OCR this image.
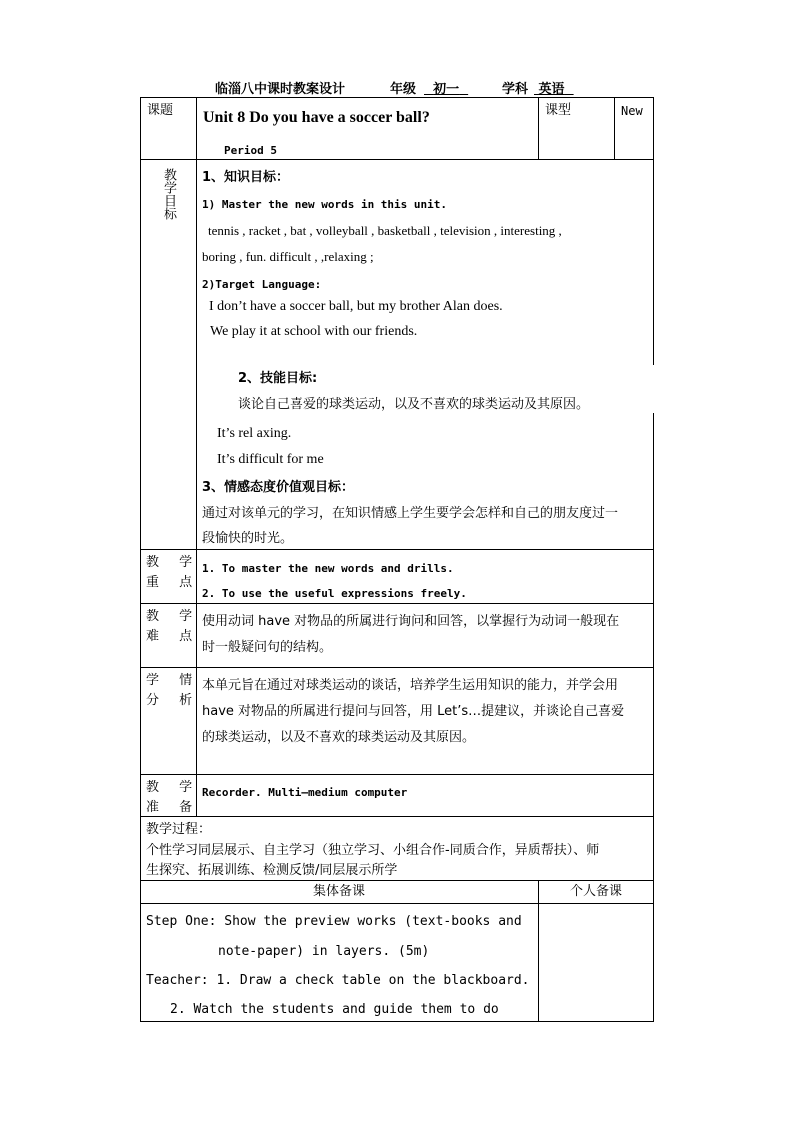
临淄八中课时教案设计	年级	初一	学科 英语
课题 Unit 8 Do you have a soccer ball?
Period 5
课型	New
教学目标 1、知识目标：
1) Master the new words in this unit.
tennis , racket , bat , volleyball , basketball , television , interesting ,
boring , fun. difficult , ,relaxing ;
2)Target Language:
I don’t have a soccer ball, but my brother Alan does.
We play it at school with our friends.
2、技能目标:
谈论自己喜爱的球类运动，以及不喜欢的球类运动及其原因。
It’s rel axing.
It’s difficult for me
3、情感态度价值观目标：
通过对该单元的学习，在知识情感上学生要学会怎样和自己的朋友度过一
段愉快的时光。
教 学
重 点
1. To master the new words and drills.
2. To use the useful expressions freely.
教 学
难 点
使用动词 have 对物品的所属进行询问和回答，以掌握行为动词一般现在
时一般疑问句的结构。
学 情
分 析
本单元旨在通过对球类运动的谈话，培养学生运用知识的能力，并学会用
have 对物品的所属进行提问与回答，用 Let’s…提建议，并谈论自己喜爱
的球类运动，以及不喜欢的球类运动及其原因。
教 学
准 备
Recorder. Multi—medium computer
教学过程：
个性学习同层展示、自主学习（独立学习、小组合作-同质合作，异质帮扶）、师
生探究、拓展训练、检测反馈/同层展示所学
集体备课	个人备课
Step One: Show the preview works (text-books and
note-paper) in layers. (5m)
Teacher: 1. Draw a check table on the blackboard.
2. Watch the students and guide them to do
